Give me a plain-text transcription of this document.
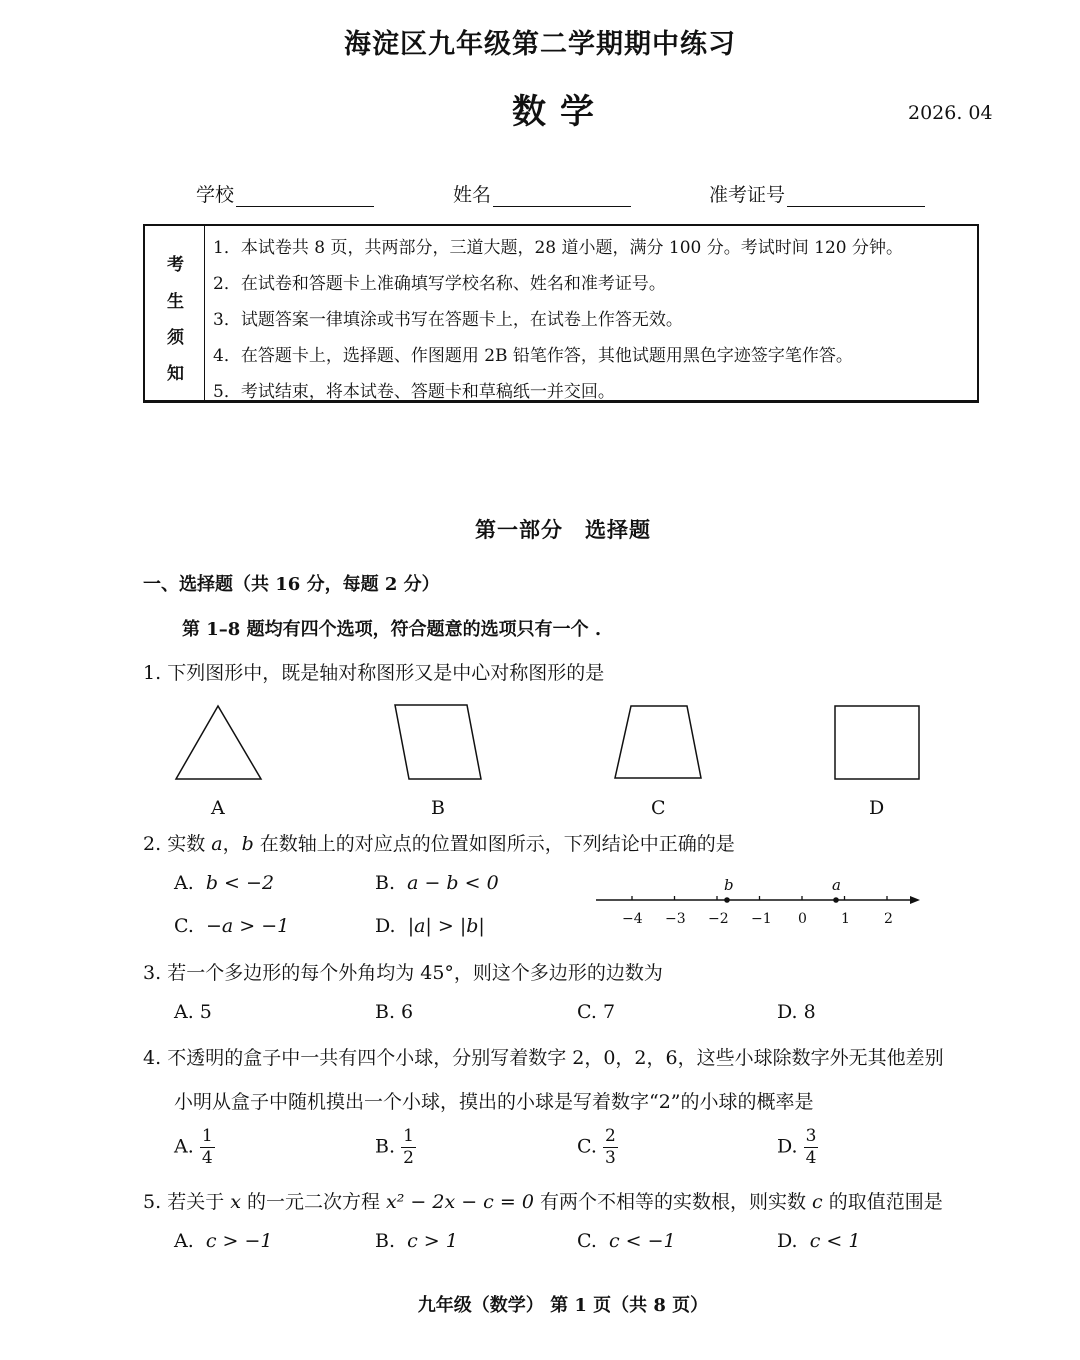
海淀区九年级第二学期期中练习
数学	2026. 04
学校	姓名	准考证号
考
生
须
知
1．本试卷共 8 页，共两部分，三道大题，28 道小题，满分 100 分。考试时间 120 分钟。
2．在试卷和答题卡上准确填写学校名称、姓名和准考证号。
3．试题答案一律填涂或书写在答题卡上，在试卷上作答无效。
4．在答题卡上，选择题、作图题用 2B 铅笔作答，其他试题用黑色字迹签字笔作答。
5．考试结束，将本试卷、答题卡和草稿纸一并交回。
第一部分　选择题
一、选择题（共 16 分，每题 2 分）
第 1–8 题均有四个选项，符合题意的选项只有一个 .
1. 下列图形中，既是轴对称图形又是中心对称图形的是
A	B	C	D
2. 实数 a，b 在数轴上的对应点的位置如图所示，下列结论中正确的是
A. b < −2	B. a − b < 0
C. −a > −1	D. |a| > |b|
b	a
−4 −3 −2 −1 0 1 2
3. 若一个多边形的每个外角均为 45°，则这个多边形的边数为
A. 5	B. 6	C. 7	D. 8
4. 不透明的盒子中一共有四个小球，分别写着数字 2，0，2，6，这些小球除数字外无其他差别
小明从盒子中随机摸出一个小球，摸出的小球是写着数字“2”的小球的概率是
A. $\frac{1}{4}$	B. $\frac{1}{2}$	C. $\frac{2}{3}$	D. $\frac{3}{4}$
5. 若关于 x 的一元二次方程 x² − 2x − c = 0 有两个不相等的实数根，则实数 c 的取值范围是
A. c > −1	B. c > 1	C. c < −1	D. c < 1
九年级（数学） 第 1 页（共 8 页）
